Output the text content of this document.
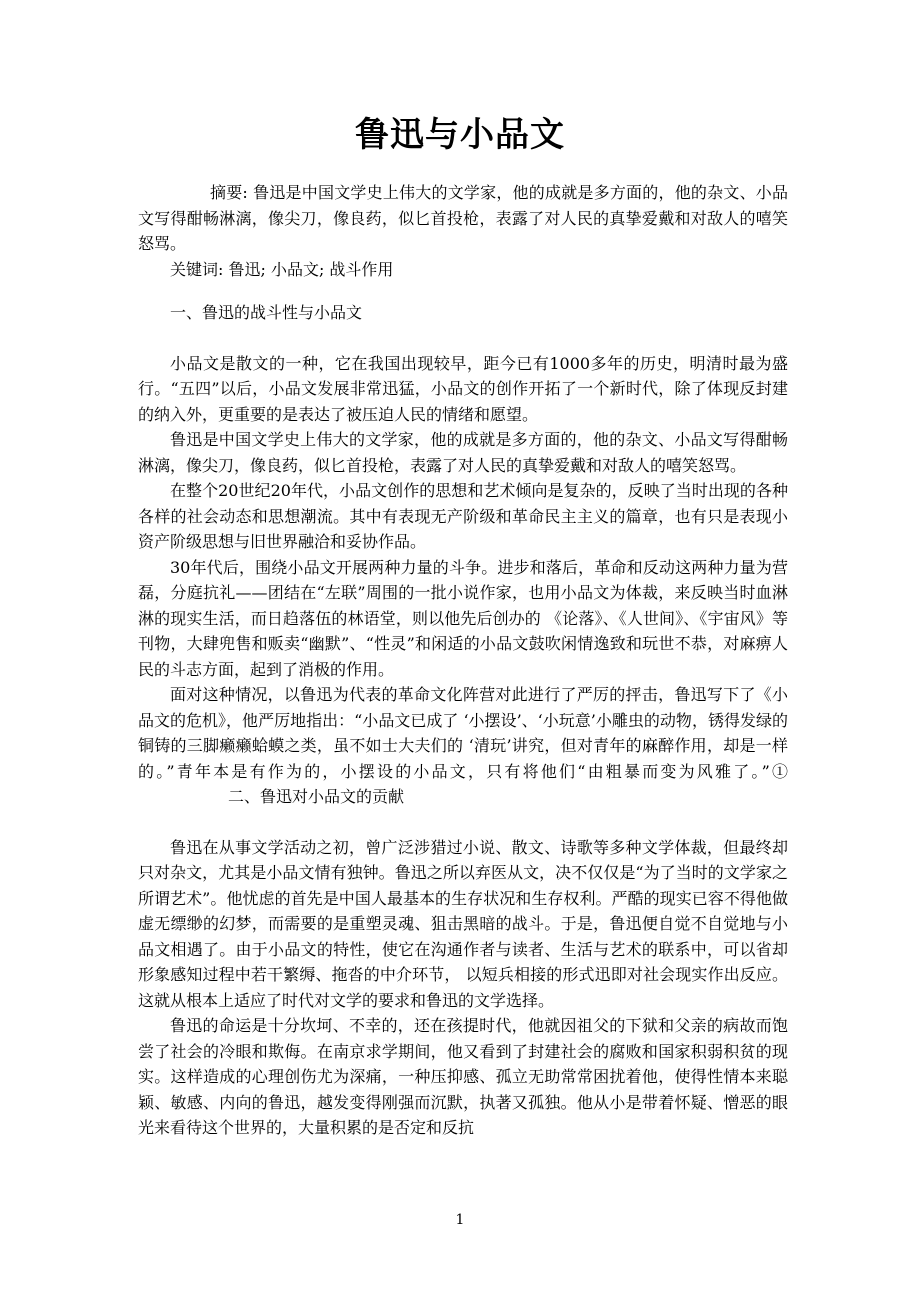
鲁迅与小品文

摘要: 鲁迅是中国文学史上伟大的文学家，他的成就是多方面的，他的杂文、小品文写得酣畅淋漓，像尖刀，像良药，似匕首投枪，表露了对人民的真挚爱戴和对敌人的嘻笑怒骂。

关键词: 鲁迅; 小品文; 战斗作用

一、鲁迅的战斗性与小品文

小品文是散文的一种，它在我国出现较早，距今已有1000多年的历史，明清时最为盛行。“五四”以后，小品文发展非常迅猛，小品文的创作开拓了一个新时代，除了体现反封建的纳入外，更重要的是表达了被压迫人民的情绪和愿望。

鲁迅是中国文学史上伟大的文学家，他的成就是多方面的，他的杂文、小品文写得酣畅淋漓，像尖刀，像良药，似匕首投枪，表露了对人民的真挚爱戴和对敌人的嘻笑怒骂。

在整个20世纪20年代，小品文创作的思想和艺术倾向是复杂的，反映了当时出现的各种各样的社会动态和思想潮流。其中有表现无产阶级和革命民主主义的篇章，也有只是表现小资产阶级思想与旧世界融洽和妥协作品。

30年代后，围绕小品文开展两种力量的斗争。进步和落后，革命和反动这两种力量为营磊，分庭抗礼——团结在“左联”周围的一批小说作家，也用小品文为体裁，来反映当时血淋淋的现实生活，而日趋落伍的林语堂，则以他先后创办的 《论落》、《人世间》、《宇宙风》等刊物，大肆兜售和贩卖“幽默”、“性灵”和闲适的小品文鼓吹闲情逸致和玩世不恭，对麻痹人民的斗志方面，起到了消极的作用。

面对这种情况，以鲁迅为代表的革命文化阵营对此进行了严厉的抨击，鲁迅写下了《小品文的危机》，他严厉地指出：“小品文已成了 ‘小摆设’、‘小玩意’小雕虫的动物，锈得发绿的铜铸的三脚癞癞蛤蟆之类，虽不如士大夫们的 ‘清玩’讲究，但对青年的麻醉作用，却是一样的。”青年本是有作为的，小摆设的小品文，只有将他们“由粗暴而变为风雅了。”①二、鲁迅对小品文的贡献

鲁迅在从事文学活动之初，曾广泛涉猎过小说、散文、诗歌等多种文学体裁，但最终却只对杂文，尤其是小品文情有独钟。鲁迅之所以弃医从文，决不仅仅是“为了当时的文学家之所谓艺术”。他忧虑的首先是中国人最基本的生存状况和生存权利。严酷的现实已容不得他做虚无缥缈的幻梦，而需要的是重塑灵魂、狙击黑暗的战斗。于是，鲁迅便自觉不自觉地与小品文相遇了。由于小品文的特性，使它在沟通作者与读者、生活与艺术的联系中，可以省却形象感知过程中若干繁缛、拖沓的中介环节， 以短兵相接的形式迅即对社会现实作出反应。这就从根本上适应了时代对文学的要求和鲁迅的文学选择。

鲁迅的命运是十分坎坷、不幸的，还在孩提时代，他就因祖父的下狱和父亲的病故而饱尝了社会的冷眼和欺侮。在南京求学期间，他又看到了封建社会的腐败和国家积弱积贫的现实。这样造成的心理创伤尤为深痛，一种压抑感、孤立无助常常困扰着他，使得性情本来聪颖、敏感、内向的鲁迅，越发变得刚强而沉默，执著又孤独。他从小是带着怀疑、憎恶的眼光来看待这个世界的，大量积累的是否定和反抗

1
